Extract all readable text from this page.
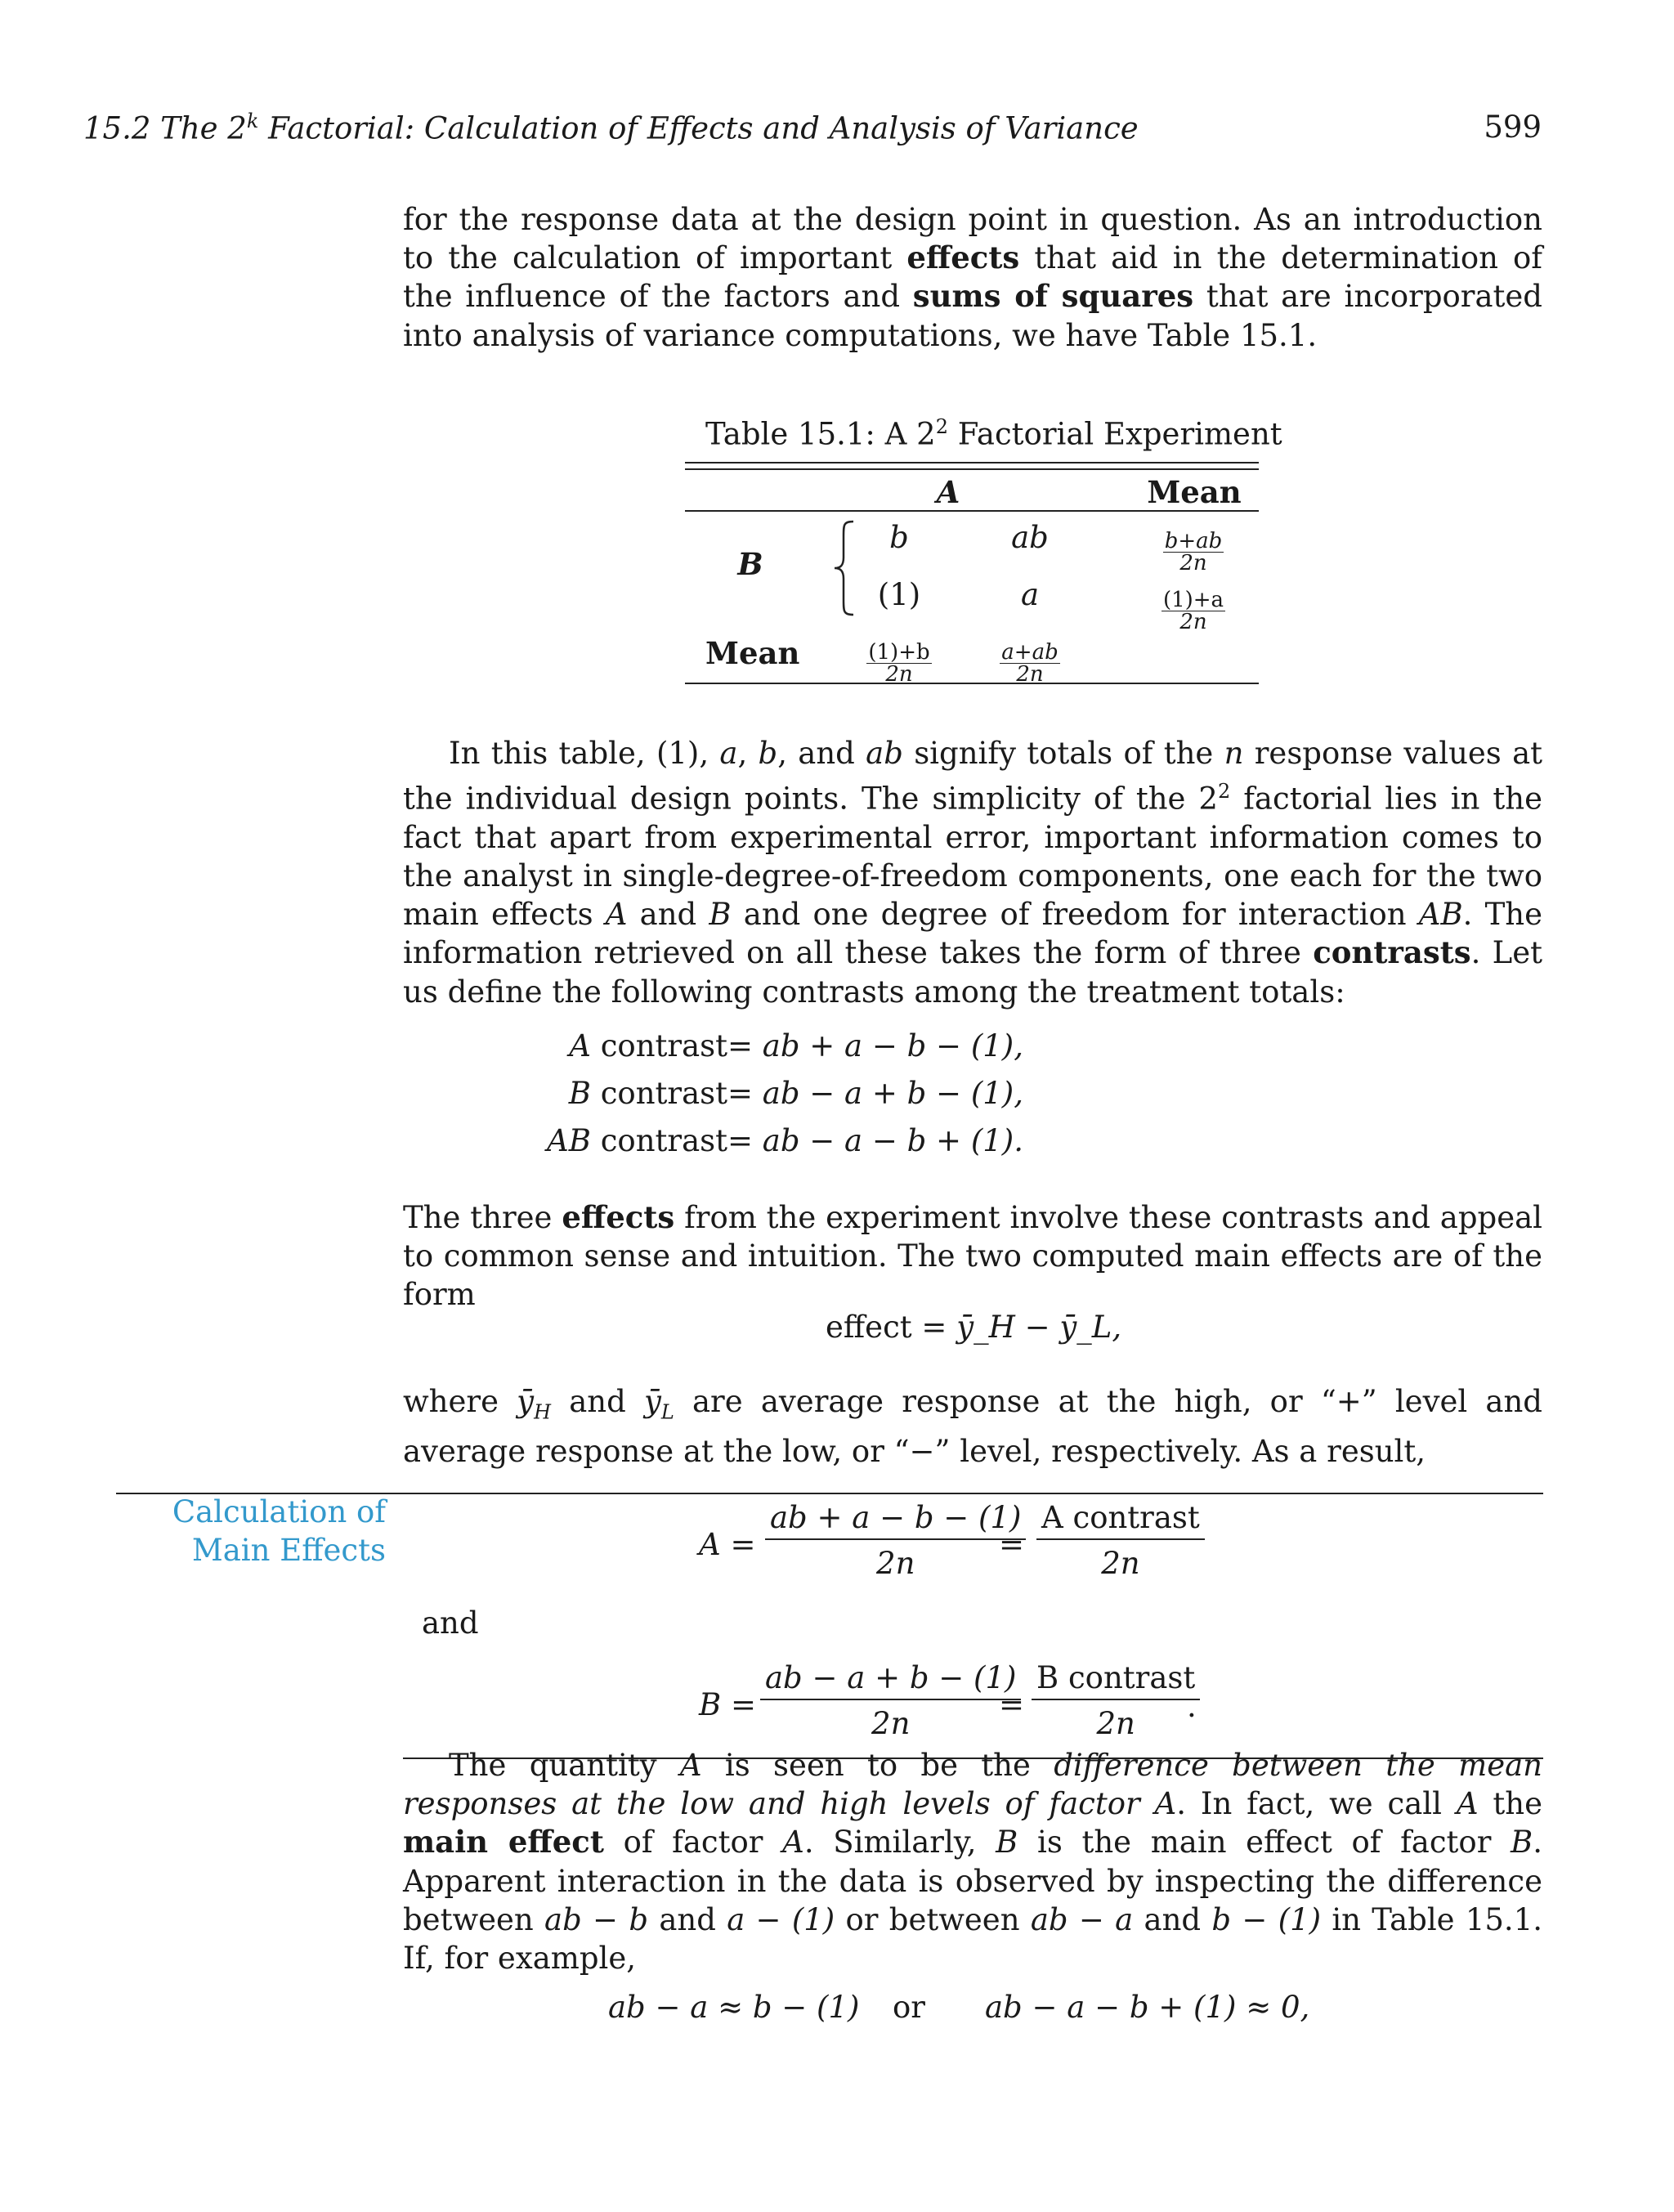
15.2 The 2$^k$ Factorial: Calculation of Effects and Analysis of Variance	599

for the response data at the design point in question. As an introduction to the calculation of important effects that aid in the determination of the influence of the factors and sums of squares that are incorporated into analysis of variance computations, we have Table 15.1.

Table 15.1: A $2^2$ Factorial Experiment
A	Mean
B
b	ab	$\frac{b+ab}{2n}$
(1)	a	$\frac{(1)+a}{2n}$
Mean	$\frac{(1)+b}{2n}$	$\frac{a+ab}{2n}$

In this table, (1), a, b, and ab signify totals of the n response values at the individual design points. The simplicity of the $2^2$ factorial lies in the fact that apart from experimental error, important information comes to the analyst in single-degree-of-freedom components, one each for the two main effects A and B and one degree of freedom for interaction AB. The information retrieved on all these takes the form of three contrasts. Let us define the following contrasts among the treatment totals:

A contrast = ab + a − b − (1),
B contrast = ab − a + b − (1),
AB contrast = ab − a − b + (1).

The three effects from the experiment involve these contrasts and appeal to common sense and intuition. The two computed main effects are of the form

effect = ȳ_H − ȳ_L,

where $ȳ_H$ and $ȳ_L$ are average response at the high, or “+” level and average response at the low, or “−” level, respectively. As a result,

Calculation of
Main Effects	$A = \frac{ab + a - b - (1)}{2n}$
=
A contrast
2n
and
$B = \frac{ab - a + b - (1)}{2n}$
=
B contrast
2n .

The quantity A is seen to be the difference between the mean responses at the low and high levels of factor A. In fact, we call A the main effect of factor A. Similarly, B is the main effect of factor B. Apparent interaction in the data is observed by inspecting the difference between ab − b and a − (1) or between ab − a and b − (1) in Table 15.1. If, for example,

ab − a ≈ b − (1) or ab − a − b + (1) ≈ 0,
